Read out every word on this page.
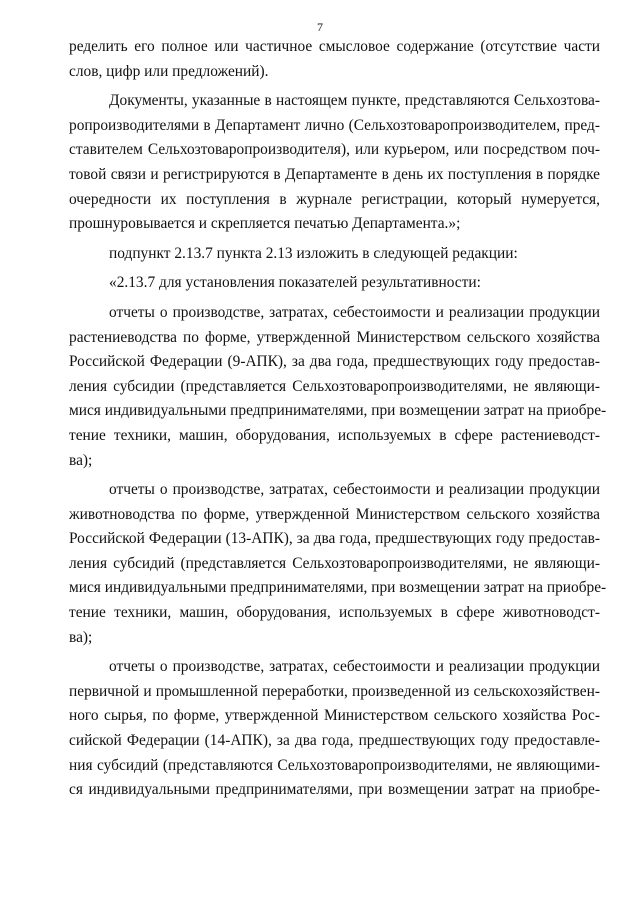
7
ределить его полное или частичное смысловое содержание (отсутствие части
слов, цифр или предложений).
Документы, указанные в настоящем пункте, представляются Сельхозтова-
ропроизводителями в Департамент лично (Сельхозтоваропроизводителем, пред-
ставителем Сельхозтоваропроизводителя), или курьером, или посредством поч-
товой связи и регистрируются в Департаменте в день их поступления в порядке
очередности их поступления в журнале регистрации, который нумеруется,
прошнуровывается и скрепляется печатью Департамента.»;
подпункт 2.13.7 пункта 2.13 изложить в следующей редакции:
«2.13.7 для установления показателей результативности:
отчеты о производстве, затратах, себестоимости и реализации продукции
растениеводства по форме, утвержденной Министерством сельского хозяйства
Российской Федерации (9-АПК), за два года, предшествующих году предостав-
ления субсидии (представляется Сельхозтоваропроизводителями, не являющи-
мися индивидуальными предпринимателями, при возмещении затрат на приобре-
тение техники, машин, оборудования, используемых в сфере растениеводст-
ва);
отчеты о производстве, затратах, себестоимости и реализации продукции
животноводства по форме, утвержденной Министерством сельского хозяйства
Российской Федерации (13-АПК), за два года, предшествующих году предостав-
ления субсидий (представляется Сельхозтоваропроизводителями, не являющи-
мися индивидуальными предпринимателями, при возмещении затрат на приобре-
тение техники, машин, оборудования, используемых в сфере животноводст-
ва);
отчеты о производстве, затратах, себестоимости и реализации продукции
первичной и промышленной переработки, произведенной из сельскохозяйствен-
ного сырья, по форме, утвержденной Министерством сельского хозяйства Рос-
сийской Федерации (14-АПК), за два года, предшествующих году предоставле-
ния субсидий (представляются Сельхозтоваропроизводителями, не являющими-
ся индивидуальными предпринимателями, при возмещении затрат на приобре-
